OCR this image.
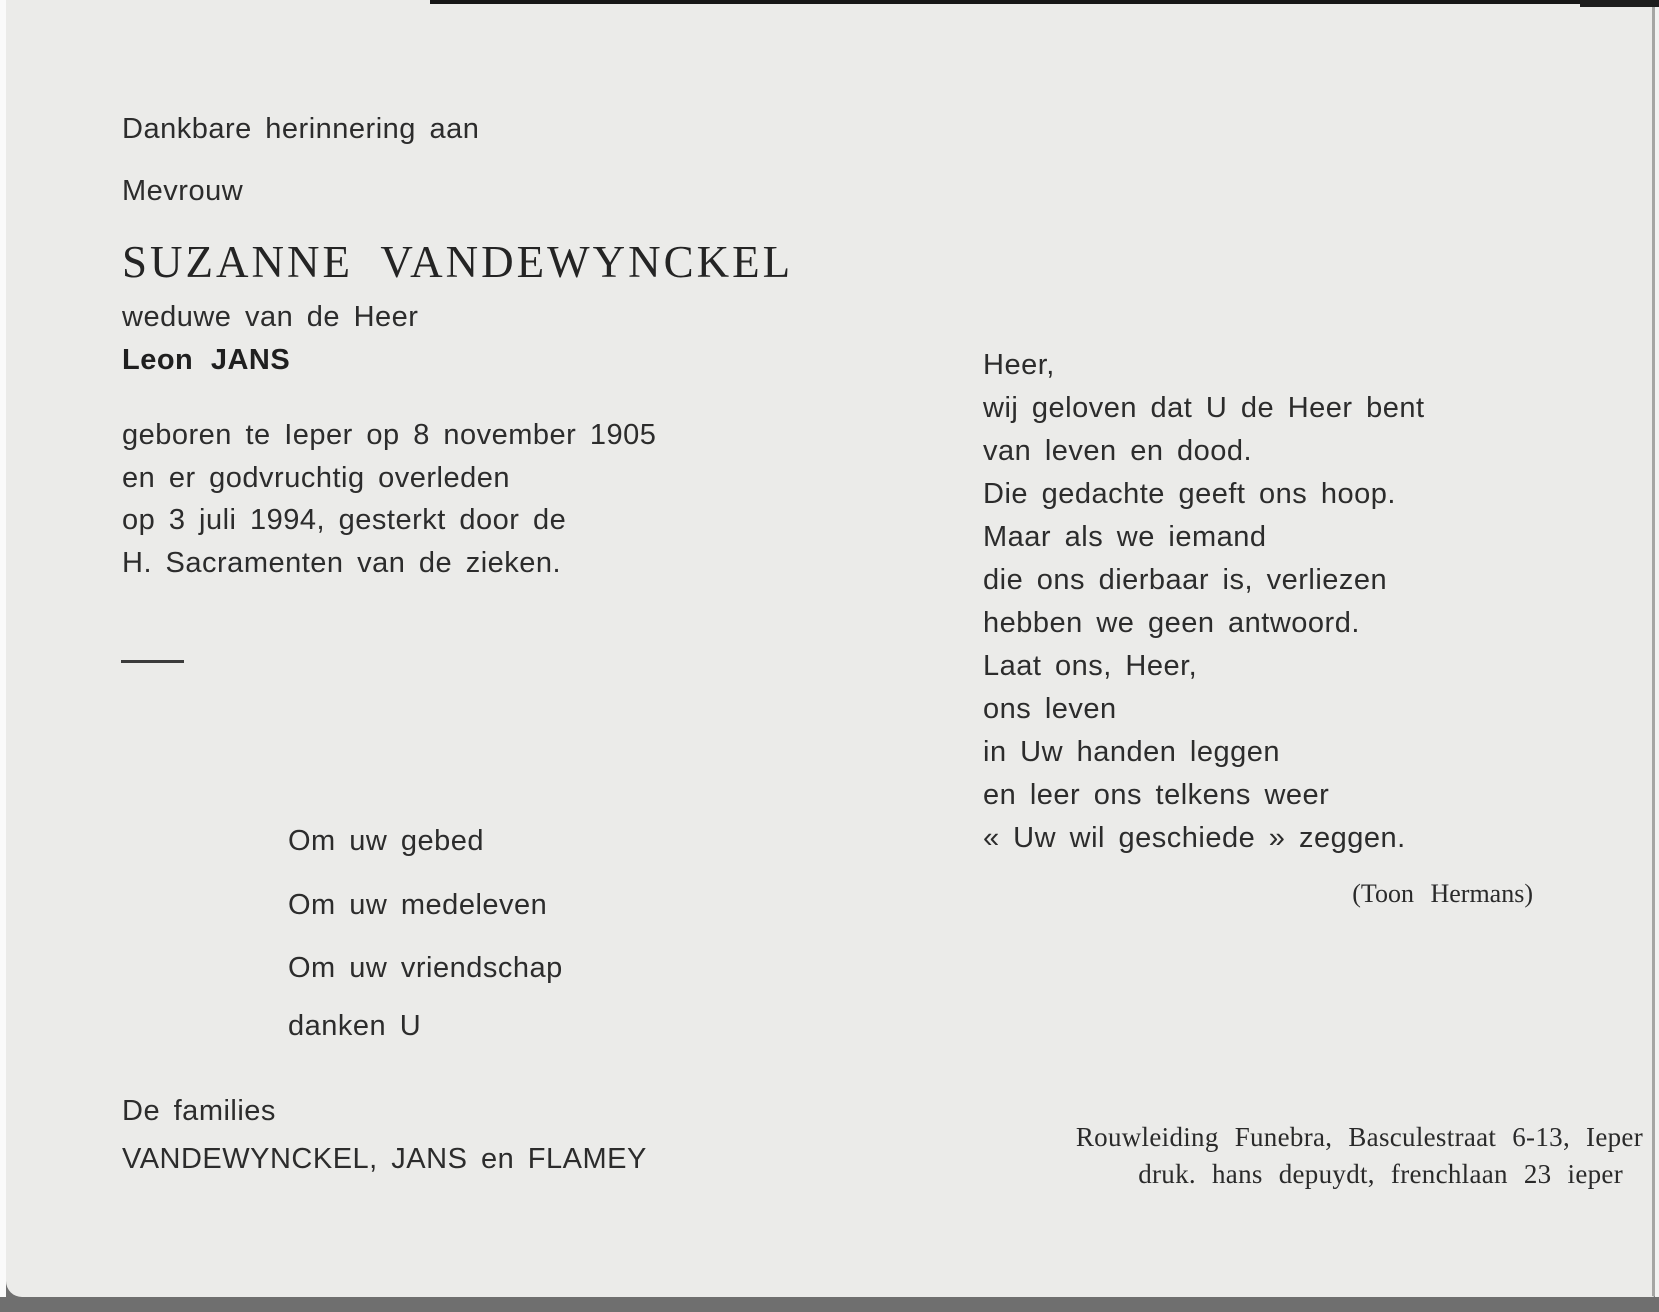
Dankbare herinnering aan
Mevrouw
SUZANNE VANDEWYNCKEL
weduwe van de Heer
Leon JANS
geboren te Ieper op 8 november 1905
en er godvruchtig overleden
op 3 juli 1994, gesterkt door de
H. Sacramenten van de zieken.
Om uw gebed
Om uw medeleven
Om uw vriendschap
danken U
De families
VANDEWYNCKEL, JANS en FLAMEY
Heer,
wij geloven dat U de Heer bent
van leven en dood.
Die gedachte geeft ons hoop.
Maar als we iemand
die ons dierbaar is, verliezen
hebben we geen antwoord.
Laat ons, Heer,
ons leven
in Uw handen leggen
en leer ons telkens weer
« Uw wil geschiede » zeggen.
(Toon Hermans)
Rouwleiding Funebra, Basculestraat 6-13, Ieper
druk. hans depuydt, frenchlaan 23 ieper
